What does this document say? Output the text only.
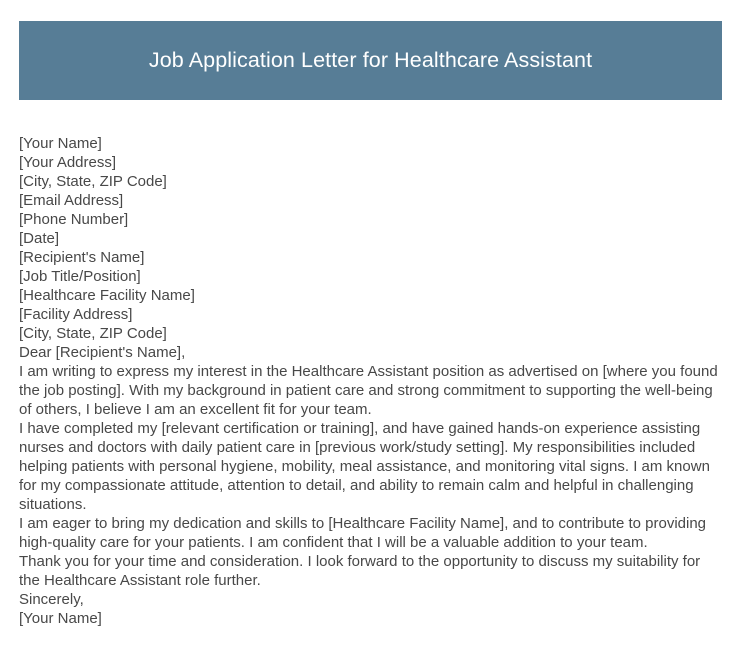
Job Application Letter for Healthcare Assistant

[Your Name]

[Your Address]

[City, State, ZIP Code]

[Email Address]

[Phone Number]

[Date]

[Recipient's Name]

[Job Title/Position]

[Healthcare Facility Name]

[Facility Address]

[City, State, ZIP Code]

Dear [Recipient's Name],

I am writing to express my interest in the Healthcare Assistant position as advertised on [where you found the job posting]. With my background in patient care and strong commitment to supporting the well-being of others, I believe I am an excellent fit for your team.

I have completed my [relevant certification or training], and have gained hands-on experience assisting nurses and doctors with daily patient care in [previous work/study setting]. My responsibilities included helping patients with personal hygiene, mobility, meal assistance, and monitoring vital signs. I am known for my compassionate attitude, attention to detail, and ability to remain calm and helpful in challenging situations.

I am eager to bring my dedication and skills to [Healthcare Facility Name], and to contribute to providing high-quality care for your patients. I am confident that I will be a valuable addition to your team.

Thank you for your time and consideration. I look forward to the opportunity to discuss my suitability for the Healthcare Assistant role further.

Sincerely,

[Your Name]
